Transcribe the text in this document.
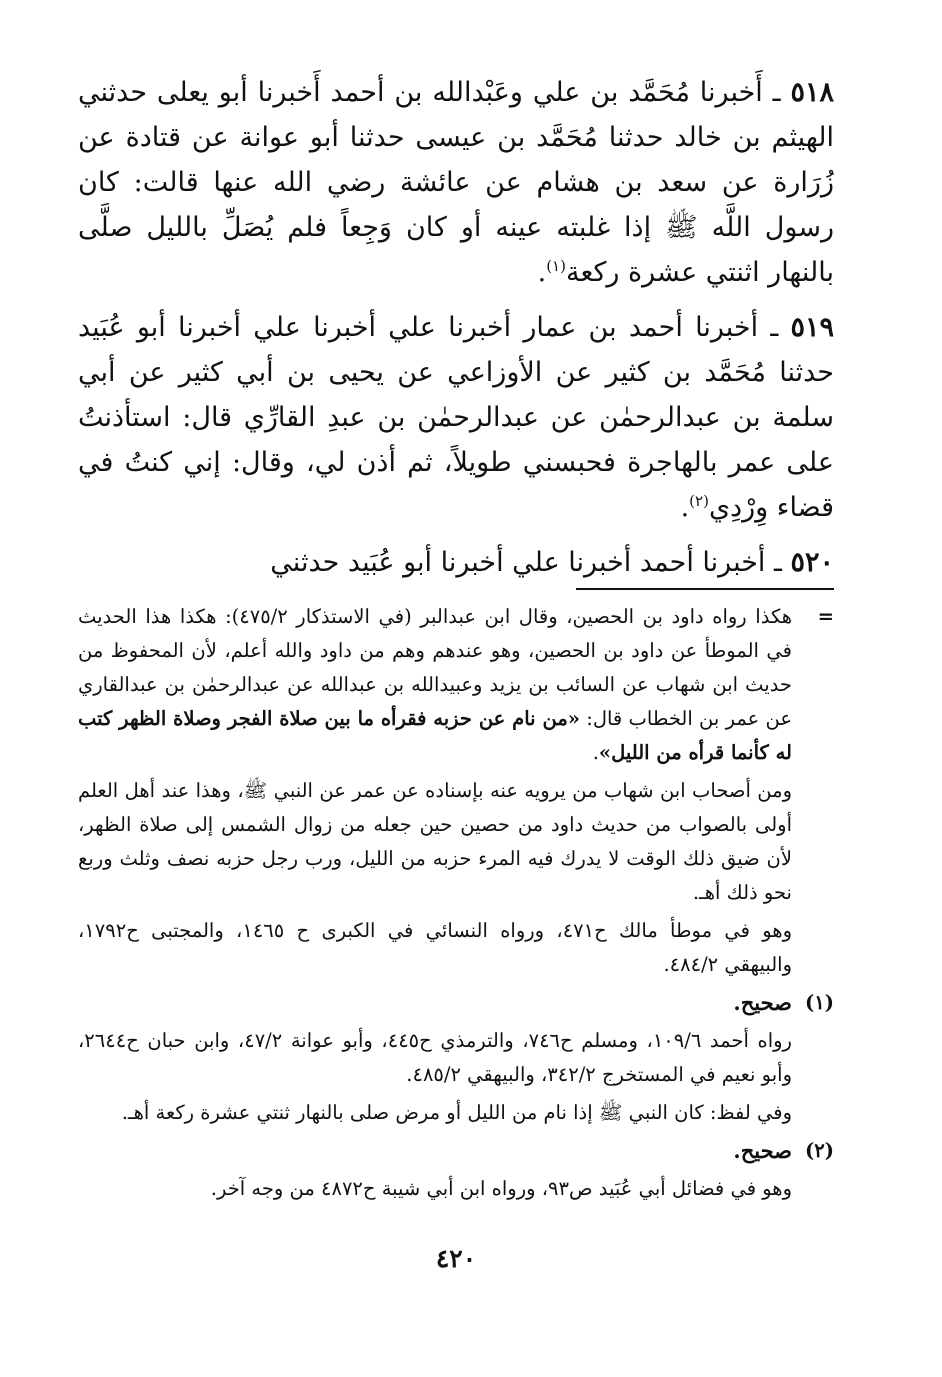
٥١٨ ـ أَخبرنا مُحَمَّد بن علي وعَبْدالله بن أحمد أَخبرنا أبو يعلى حدثني الهيثم بن خالد حدثنا مُحَمَّد بن عيسى حدثنا أبو عوانة عن قتادة عن زُرَارة عن سعد بن هشام عن عائشة رضي الله عنها قالت: كان رسول اللَّه ﷺ إذا غلبته عينه أو كان وَجِعاً فلم يُصَلِّ بالليل صلَّى بالنهار اثنتي عشرة ركعة$^{(١)}$.

٥١٩ ـ أخبرنا أحمد بن عمار أخبرنا علي أخبرنا علي أخبرنا أبو عُبَيد حدثنا مُحَمَّد بن كثير عن الأوزاعي عن يحيى بن أبي كثير عن أبي سلمة بن عبدالرحمٰن عن عبدالرحمٰن بن عبدِ القارِّي قال: استأذنتُ على عمر بالهاجرة فحبسني طويلاً، ثم أذن لي، وقال: إني كنتُ في قضاء وِرْدِي$^{(٢)}$.

٥٢٠ ـ أخبرنا أحمد أخبرنا علي أخبرنا أبو عُبَيد حدثني

=

هكذا رواه داود بن الحصين، وقال ابن عبدالبر (في الاستذكار ٤٧٥/٢): هكذا هذا الحديث في الموطأ عن داود بن الحصين، وهو عندهم وهم من داود والله أعلم، لأن المحفوظ من حديث ابن شهاب عن السائب بن يزيد وعبيدالله بن عبدالله عن عبدالرحمٰن بن عبدالقاري عن عمر بن الخطاب قال: «من نام عن حزبه فقرأه ما بين صلاة الفجر وصلاة الظهر كتب له كأنما قرأه من الليل».

ومن أصحاب ابن شهاب من يرويه عنه بإسناده عن عمر عن النبي ﷺ، وهذا عند أهل العلم أولى بالصواب من حديث داود من حصين حين جعله من زوال الشمس إلى صلاة الظهر، لأن ضيق ذلك الوقت لا يدرك فيه المرء حزبه من الليل، ورب رجل حزبه نصف وثلث وربع نحو ذلك أهـ.

وهو في موطأ مالك ح٤٧١، ورواه النسائي في الكبرى ح ١٤٦٥، والمجتبى ح١٧٩٢، والبيهقي ٤٨٤/٢.

(١)

صحيح.

رواه أحمد ١٠٩/٦، ومسلم ح٧٤٦، والترمذي ح٤٤٥، وأبو عوانة ٤٧/٢، وابن حبان ح٢٦٤٤، وأبو نعيم في المستخرج ٣٤٢/٢، والبيهقي ٤٨٥/٢.

وفي لفظ: كان النبي ﷺ إذا نام من الليل أو مرض صلى بالنهار ثنتي عشرة ركعة أهـ.

(٢)

صحيح.

وهو في فضائل أبي عُبَيد ص٩٣، ورواه ابن أبي شيبة ح٤٨٧٢ من وجه آخر.

٤٢٠
